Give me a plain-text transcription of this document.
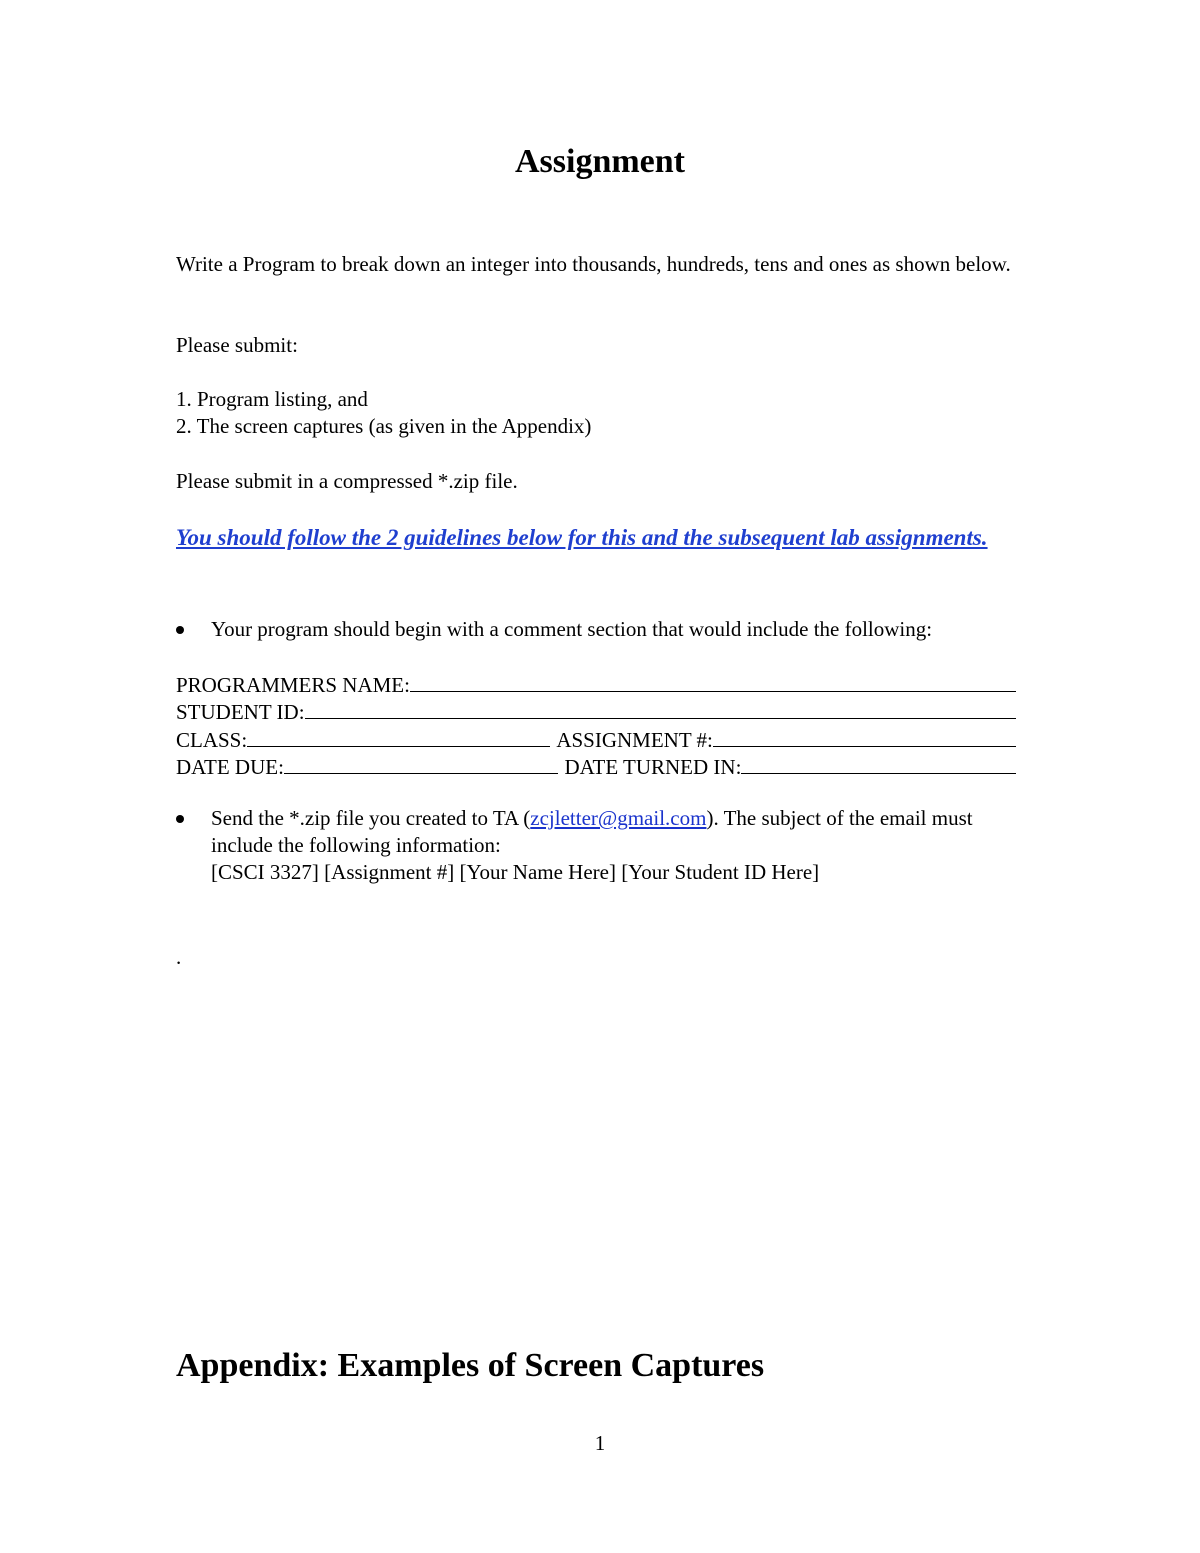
Assignment
Write a Program to break down an integer into thousands, hundreds, tens and ones as shown below.
Please submit:
1. Program listing, and
2. The screen captures (as given in the Appendix)
Please submit in a compressed *.zip file.
You should follow the 2 guidelines below for this and the subsequent lab assignments.
Your program should begin with a comment section that would include the following:
PROGRAMMERS NAME:
STUDENT ID:
CLASS:	ASSIGNMENT #:
DATE DUE:	DATE TURNED IN:
Send the *.zip file you created to TA (zcjletter@gmail.com). The subject of the email must include the following information:
[CSCI 3327] [Assignment #] [Your Name Here] [Your Student ID Here]
.
Appendix: Examples of Screen Captures
1
